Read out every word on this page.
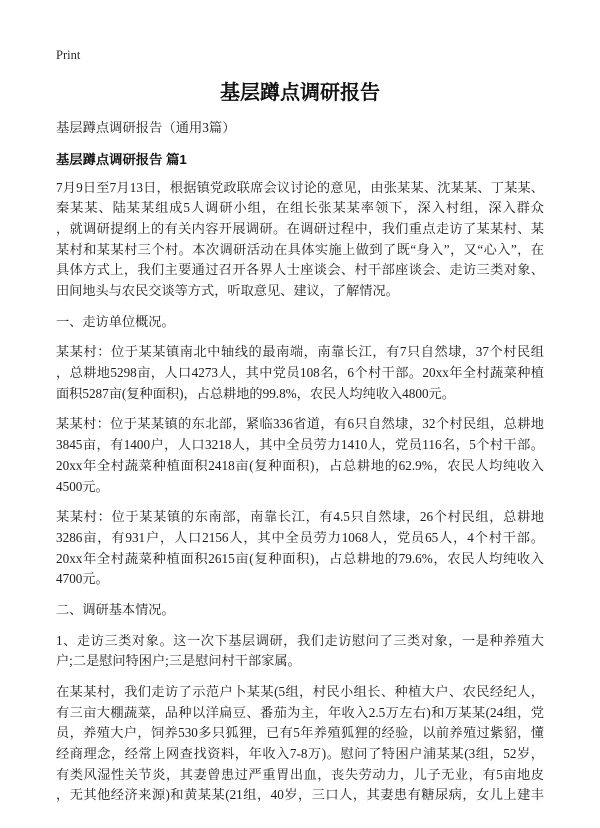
Print
基层蹲点调研报告
基层蹲点调研报告（通用3篇）
基层蹲点调研报告 篇1
7月9日至7月13日，根据镇党政联席会议讨论的意见，由张某某、沈某某、丁某某、
秦某某、陆某某组成5人调研小组，在组长张某某率领下，深入村组，深入群众
，就调研提纲上的有关内容开展调研。在调研过程中，我们重点走访了某某村、某
某村和某某村三个村。本次调研活动在具体实施上做到了既“身入”，又“心入”，在
具体方式上，我们主要通过召开各界人士座谈会、村干部座谈会、走访三类对象、
田间地头与农民交谈等方式，听取意见、建议，了解情况。
一、走访单位概况。
某某村：位于某某镇南北中轴线的最南端，南靠长江，有7只自然埭，37个村民组
，总耕地5298亩，人口4273人，其中党员108名，6个村干部。20xx年全村蔬菜种植
面积5287亩(复种面积)，占总耕地的99.8%，农民人均纯收入4800元。
某某村：位于某某镇的东北部，紧临336省道，有6只自然埭，32个村民组，总耕地
3845亩，有1400户，人口3218人，其中全员劳力1410人，党员116名，5个村干部。
20xx年全村蔬菜种植面积2418亩(复种面积)，占总耕地的62.9%，农民人均纯收入
4500元。
某某村：位于某某镇的东南部，南靠长江，有4.5只自然埭，26个村民组，总耕地
3286亩，有931户，人口2156人，其中全员劳力1068人，党员65人，4个村干部。
20xx年全村蔬菜种植面积2615亩(复种面积)，占总耕地的79.6%，农民人均纯收入
4700元。
二、调研基本情况。
1、走访三类对象。这一次下基层调研，我们走访慰问了三类对象，一是种养殖大
户;二是慰问特困户;三是慰问村干部家属。
在某某村，我们走访了示范户卜某某(5组，村民小组长、种植大户、农民经纪人，
有三亩大棚蔬菜，品种以洋扁豆、番茄为主，年收入2.5万左右)和万某某(24组，党
员，养殖大户，饲养530多只狐狸，已有5年养殖狐狸的经验，以前养殖过紫貂，懂
经商理念，经常上网查找资料，年收入7-8万)。慰问了特困户浦某某(3组，52岁，
有类风湿性关节炎，其妻曾患过严重胃出血，丧失劳动力，儿子无业，有5亩地皮
，无其他经济来源)和黄某某(21组，40岁，三口人，其妻患有糖尿病，女儿上建丰
